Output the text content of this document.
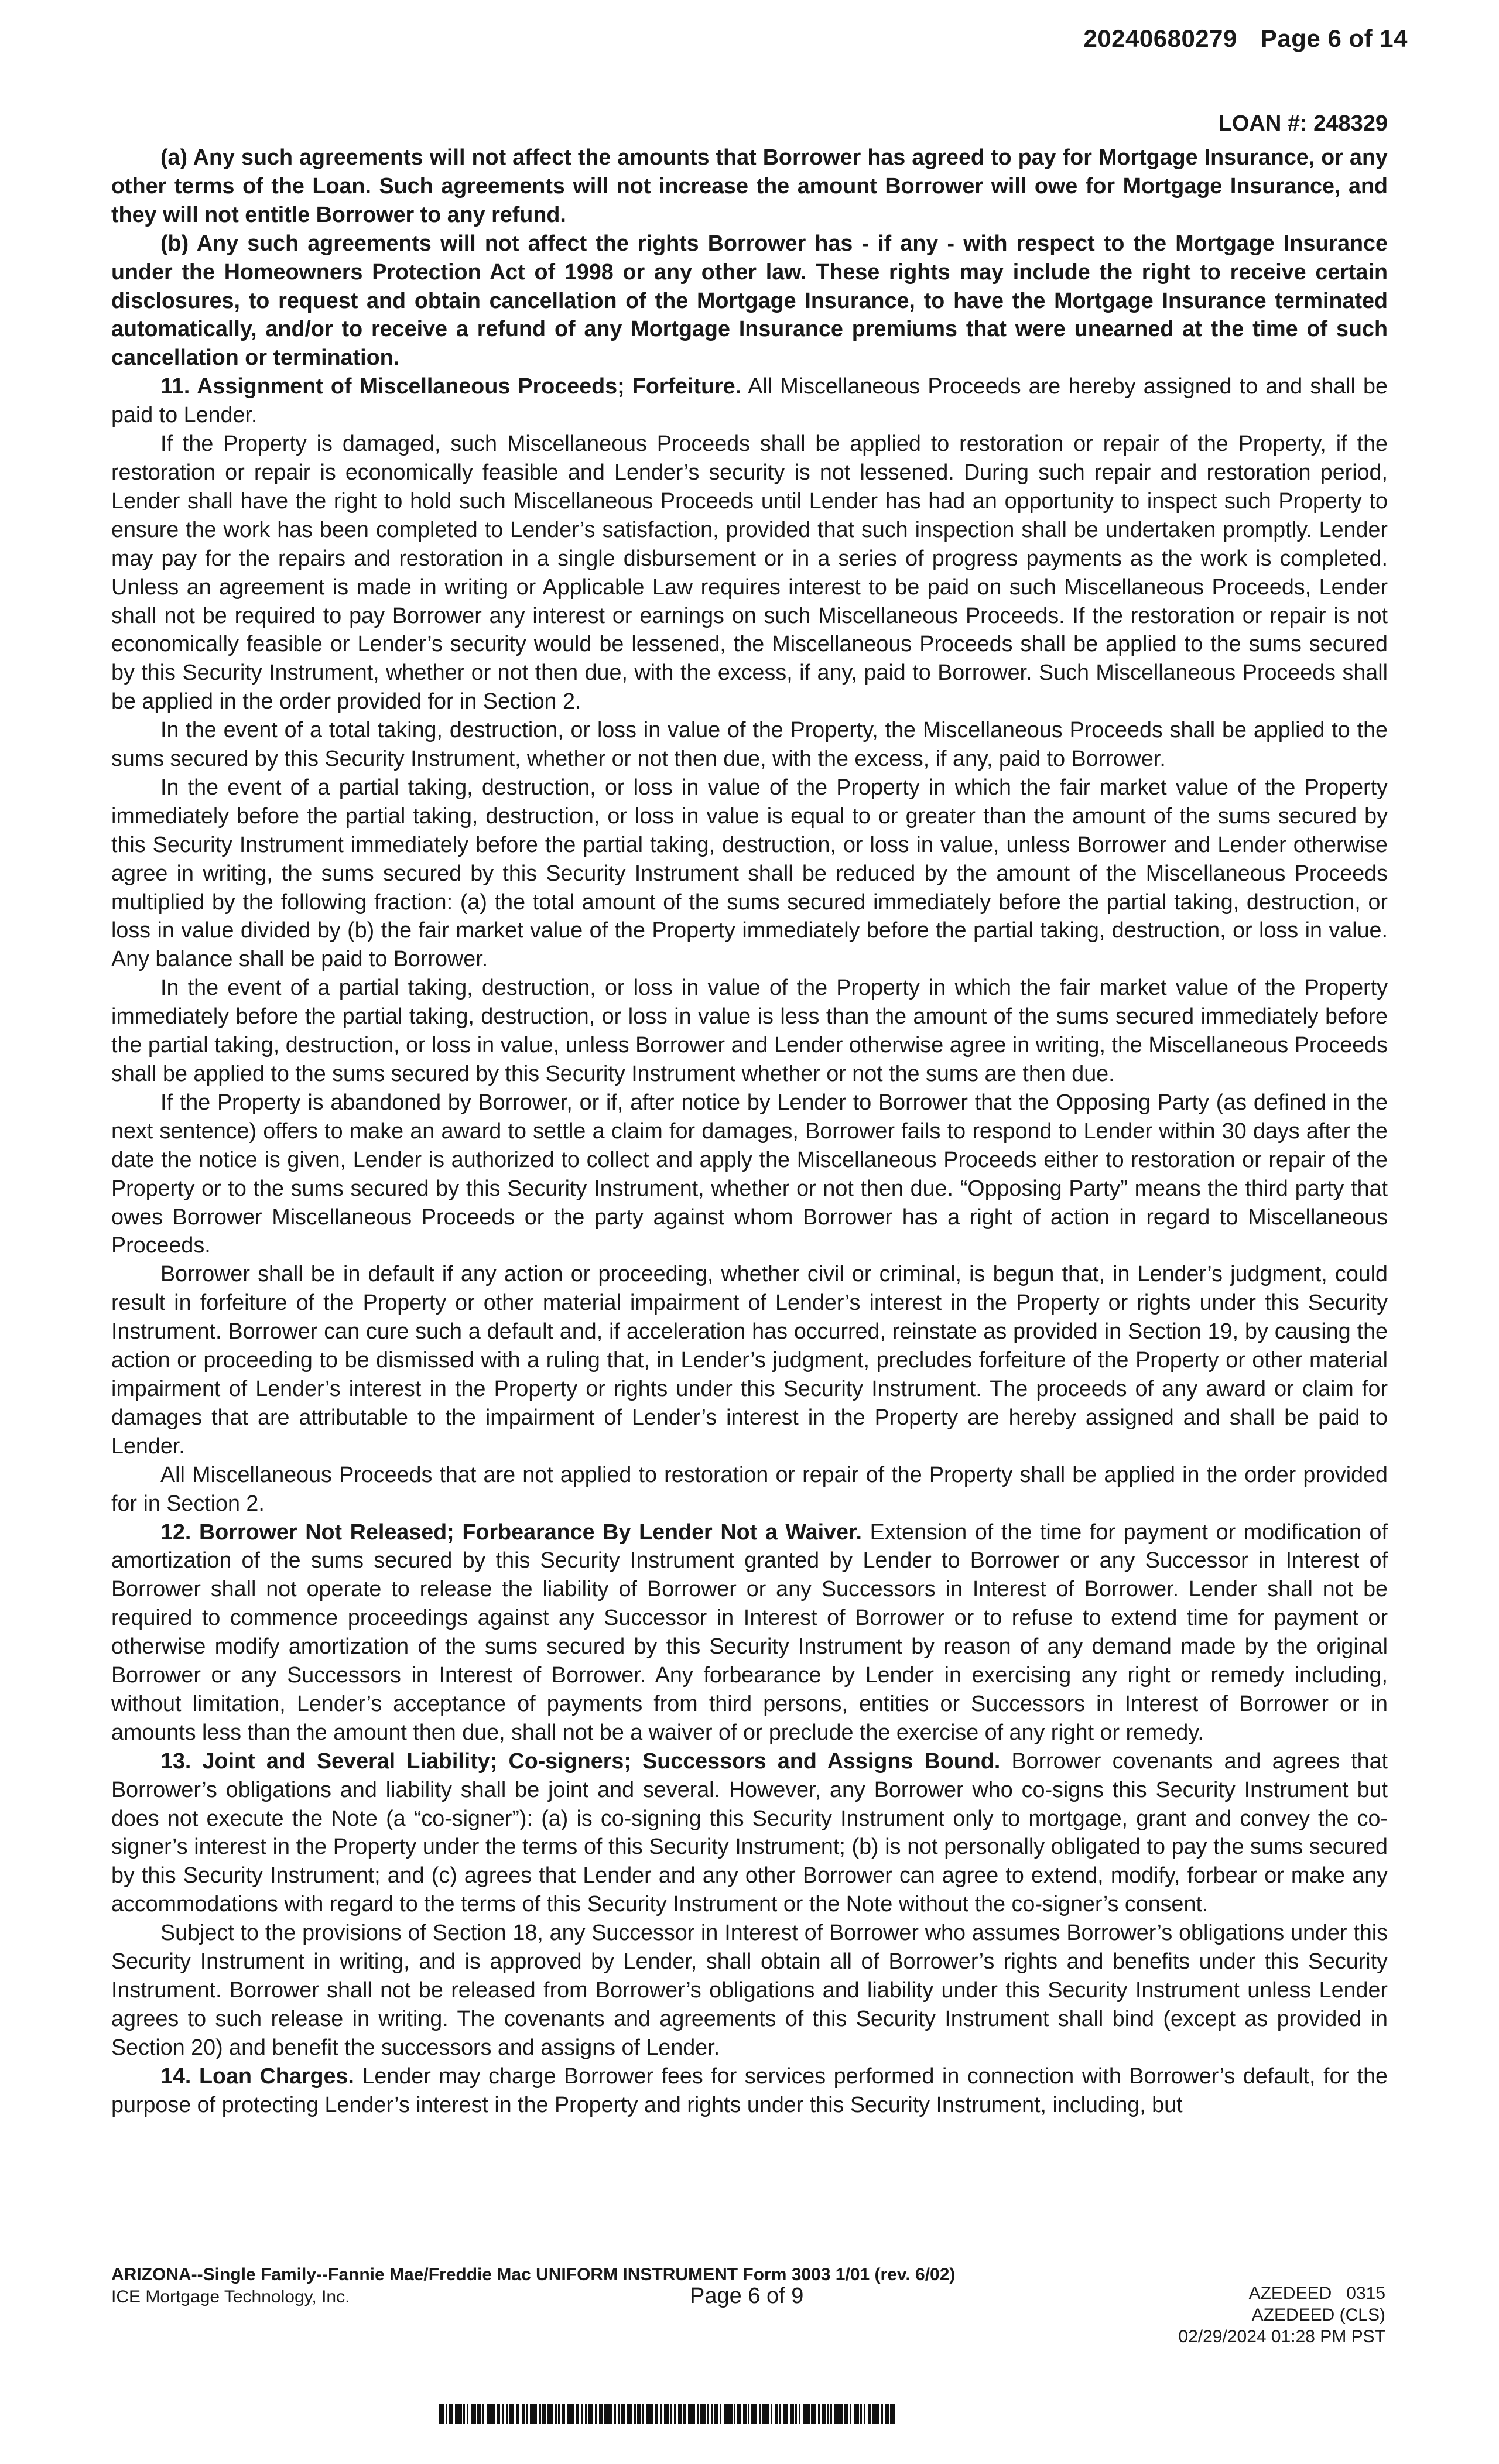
20240680279 Page 6 of 14
LOAN #: 248329

(a) Any such agreements will not affect the amounts that Borrower has agreed to pay for Mortgage Insurance, or any other terms of the Loan. Such agreements will not increase the amount Borrower will owe for Mortgage Insurance, and they will not entitle Borrower to any refund.

(b) Any such agreements will not affect the rights Borrower has - if any - with respect to the Mortgage Insurance under the Homeowners Protection Act of 1998 or any other law. These rights may include the right to receive certain disclosures, to request and obtain cancellation of the Mortgage Insurance, to have the Mortgage Insurance terminated automatically, and/or to receive a refund of any Mortgage Insurance premiums that were unearned at the time of such cancellation or termination.

11. Assignment of Miscellaneous Proceeds; Forfeiture. All Miscellaneous Proceeds are hereby assigned to and shall be paid to Lender.

If the Property is damaged, such Miscellaneous Proceeds shall be applied to restoration or repair of the Property, if the restoration or repair is economically feasible and Lender’s security is not lessened. During such repair and restoration period, Lender shall have the right to hold such Miscellaneous Proceeds until Lender has had an opportunity to inspect such Property to ensure the work has been completed to Lender’s satisfaction, provided that such inspection shall be undertaken promptly. Lender may pay for the repairs and restoration in a single disbursement or in a series of progress payments as the work is completed. Unless an agreement is made in writing or Applicable Law requires interest to be paid on such Miscellaneous Proceeds, Lender shall not be required to pay Borrower any interest or earnings on such Miscellaneous Proceeds. If the restoration or repair is not economically feasible or Lender’s security would be lessened, the Miscellaneous Proceeds shall be applied to the sums secured by this Security Instrument, whether or not then due, with the excess, if any, paid to Borrower. Such Miscellaneous Proceeds shall be applied in the order provided for in Section 2.

In the event of a total taking, destruction, or loss in value of the Property, the Miscellaneous Proceeds shall be applied to the sums secured by this Security Instrument, whether or not then due, with the excess, if any, paid to Borrower.

In the event of a partial taking, destruction, or loss in value of the Property in which the fair market value of the Property immediately before the partial taking, destruction, or loss in value is equal to or greater than the amount of the sums secured by this Security Instrument immediately before the partial taking, destruction, or loss in value, unless Borrower and Lender otherwise agree in writing, the sums secured by this Security Instrument shall be reduced by the amount of the Miscellaneous Proceeds multiplied by the following fraction: (a) the total amount of the sums secured immediately before the partial taking, destruction, or loss in value divided by (b) the fair market value of the Property immediately before the partial taking, destruction, or loss in value. Any balance shall be paid to Borrower.

In the event of a partial taking, destruction, or loss in value of the Property in which the fair market value of the Property immediately before the partial taking, destruction, or loss in value is less than the amount of the sums secured immediately before the partial taking, destruction, or loss in value, unless Borrower and Lender otherwise agree in writing, the Miscellaneous Proceeds shall be applied to the sums secured by this Security Instrument whether or not the sums are then due.

If the Property is abandoned by Borrower, or if, after notice by Lender to Borrower that the Opposing Party (as defined in the next sentence) offers to make an award to settle a claim for damages, Borrower fails to respond to Lender within 30 days after the date the notice is given, Lender is authorized to collect and apply the Miscellaneous Proceeds either to restoration or repair of the Property or to the sums secured by this Security Instrument, whether or not then due. “Opposing Party” means the third party that owes Borrower Miscellaneous Proceeds or the party against whom Borrower has a right of action in regard to Miscellaneous Proceeds.

Borrower shall be in default if any action or proceeding, whether civil or criminal, is begun that, in Lender’s judgment, could result in forfeiture of the Property or other material impairment of Lender’s interest in the Property or rights under this Security Instrument. Borrower can cure such a default and, if acceleration has occurred, reinstate as provided in Section 19, by causing the action or proceeding to be dismissed with a ruling that, in Lender’s judgment, precludes forfeiture of the Property or other material impairment of Lender’s interest in the Property or rights under this Security Instrument. The proceeds of any award or claim for damages that are attributable to the impairment of Lender’s interest in the Property are hereby assigned and shall be paid to Lender.

All Miscellaneous Proceeds that are not applied to restoration or repair of the Property shall be applied in the order provided for in Section 2.

12. Borrower Not Released; Forbearance By Lender Not a Waiver. Extension of the time for payment or modification of amortization of the sums secured by this Security Instrument granted by Lender to Borrower or any Successor in Interest of Borrower shall not operate to release the liability of Borrower or any Successors in Interest of Borrower. Lender shall not be required to commence proceedings against any Successor in Interest of Borrower or to refuse to extend time for payment or otherwise modify amortization of the sums secured by this Security Instrument by reason of any demand made by the original Borrower or any Successors in Interest of Borrower. Any forbearance by Lender in exercising any right or remedy including, without limitation, Lender’s acceptance of payments from third persons, entities or Successors in Interest of Borrower or in amounts less than the amount then due, shall not be a waiver of or preclude the exercise of any right or remedy.

13. Joint and Several Liability; Co-signers; Successors and Assigns Bound. Borrower covenants and agrees that Borrower’s obligations and liability shall be joint and several. However, any Borrower who co-signs this Security Instrument but does not execute the Note (a “co-signer”): (a) is co-signing this Security Instrument only to mortgage, grant and convey the co-signer’s interest in the Property under the terms of this Security Instrument; (b) is not personally obligated to pay the sums secured by this Security Instrument; and (c) agrees that Lender and any other Borrower can agree to extend, modify, forbear or make any accommodations with regard to the terms of this Security Instrument or the Note without the co-signer’s consent.

Subject to the provisions of Section 18, any Successor in Interest of Borrower who assumes Borrower’s obligations under this Security Instrument in writing, and is approved by Lender, shall obtain all of Borrower’s rights and benefits under this Security Instrument. Borrower shall not be released from Borrower’s obligations and liability under this Security Instrument unless Lender agrees to such release in writing. The covenants and agreements of this Security Instrument shall bind (except as provided in Section 20) and benefit the successors and assigns of Lender.

14. Loan Charges. Lender may charge Borrower fees for services performed in connection with Borrower’s default, for the purpose of protecting Lender’s interest in the Property and rights under this Security Instrument, including, but

ARIZONA--Single Family--Fannie Mae/Freddie Mac UNIFORM INSTRUMENT Form 3003 1/01 (rev. 6/02)
ICE Mortgage Technology, Inc.	Page 6 of 9	AZEDEED   0315
AZEDEED (CLS)
02/29/2024 01:28 PM PST
